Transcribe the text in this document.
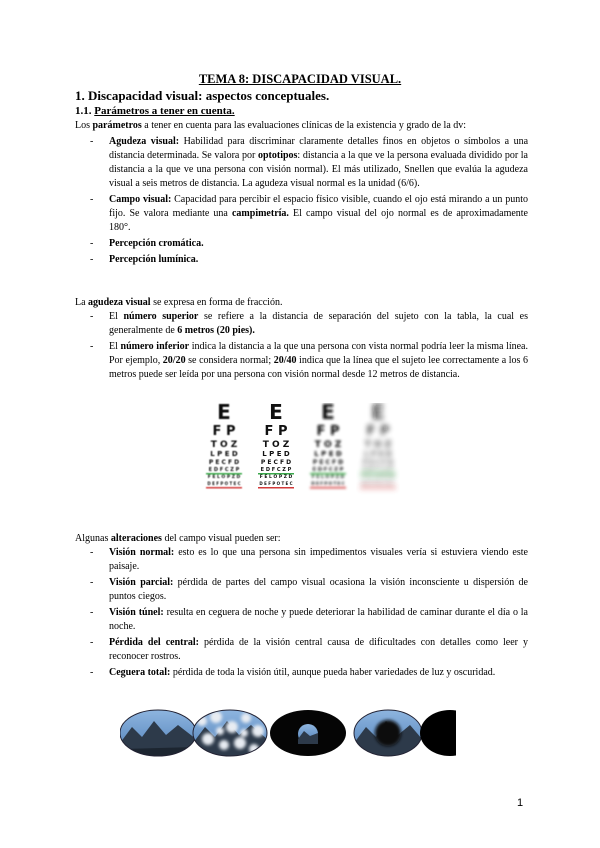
TEMA 8: DISCAPACIDAD VISUAL.
1. Discapacidad visual: aspectos conceptuales.
1.1. Parámetros a tener en cuenta.
Los parámetros a tener en cuenta para las evaluaciones clínicas de la existencia y grado de la dv:
- Agudeza visual: Habilidad para discriminar claramente detalles finos en objetos o símbolos a una distancia determinada. Se valora por optotipos: distancia a la que ve la persona evaluada dividido por la distancia a la que ve una persona con visión normal). El más utilizado, Snellen que evalúa la agudeza visual a seis metros de distancia. La agudeza visual normal es la unidad (6/6).
- Campo visual: Capacidad para percibir el espacio físico visible, cuando el ojo está mirando a un punto fijo. Se valora mediante una campimetría. El campo visual del ojo normal es de aproximadamente 180°.
- Percepción cromática.
- Percepción lumínica.
La agudeza visual se expresa en forma de fracción.
- El número superior se refiere a la distancia de separación del sujeto con la tabla, la cual es generalmente de 6 metros (20 pies).
- El número inferior indica la distancia a la que una persona con vista normal podría leer la misma línea. Por ejemplo, 20/20 se considera normal; 20/40 indica que la línea que el sujeto lee correctamente a los 6 metros puede ser leída por una persona con visión normal desde 12 metros de distancia.
E
F P
T O Z
L P E D
P E C F D
E D F C Z P
F E L O P Z D
D E F P O T E C
E
F P
T O Z
L P E D
P E C F D
E D F C Z P
F E L O P Z D
D E F P O T E C
E
F P
T O Z
L P E D
P E C F D
E D F C Z P
F E L O P Z D
D E F P O T E C
E
F P
T O Z
L P E D
P E C F D
E D F C Z P
F E L O P Z D
D E F P O T E C
Algunas alteraciones del campo visual pueden ser:
- Visión normal: esto es lo que una persona sin impedimentos visuales vería si estuviera viendo este paisaje.
- Visión parcial: pérdida de partes del campo visual ocasiona la visión inconsciente u dispersión de puntos ciegos.
- Visión túnel: resulta en ceguera de noche y puede deteriorar la habilidad de caminar durante el día o la noche.
- Pérdida del central: pérdida de la visión central causa de dificultades con detalles como leer y reconocer rostros.
- Ceguera total: pérdida de toda la visión útil, aunque pueda haber variedades de luz y oscuridad.
1
